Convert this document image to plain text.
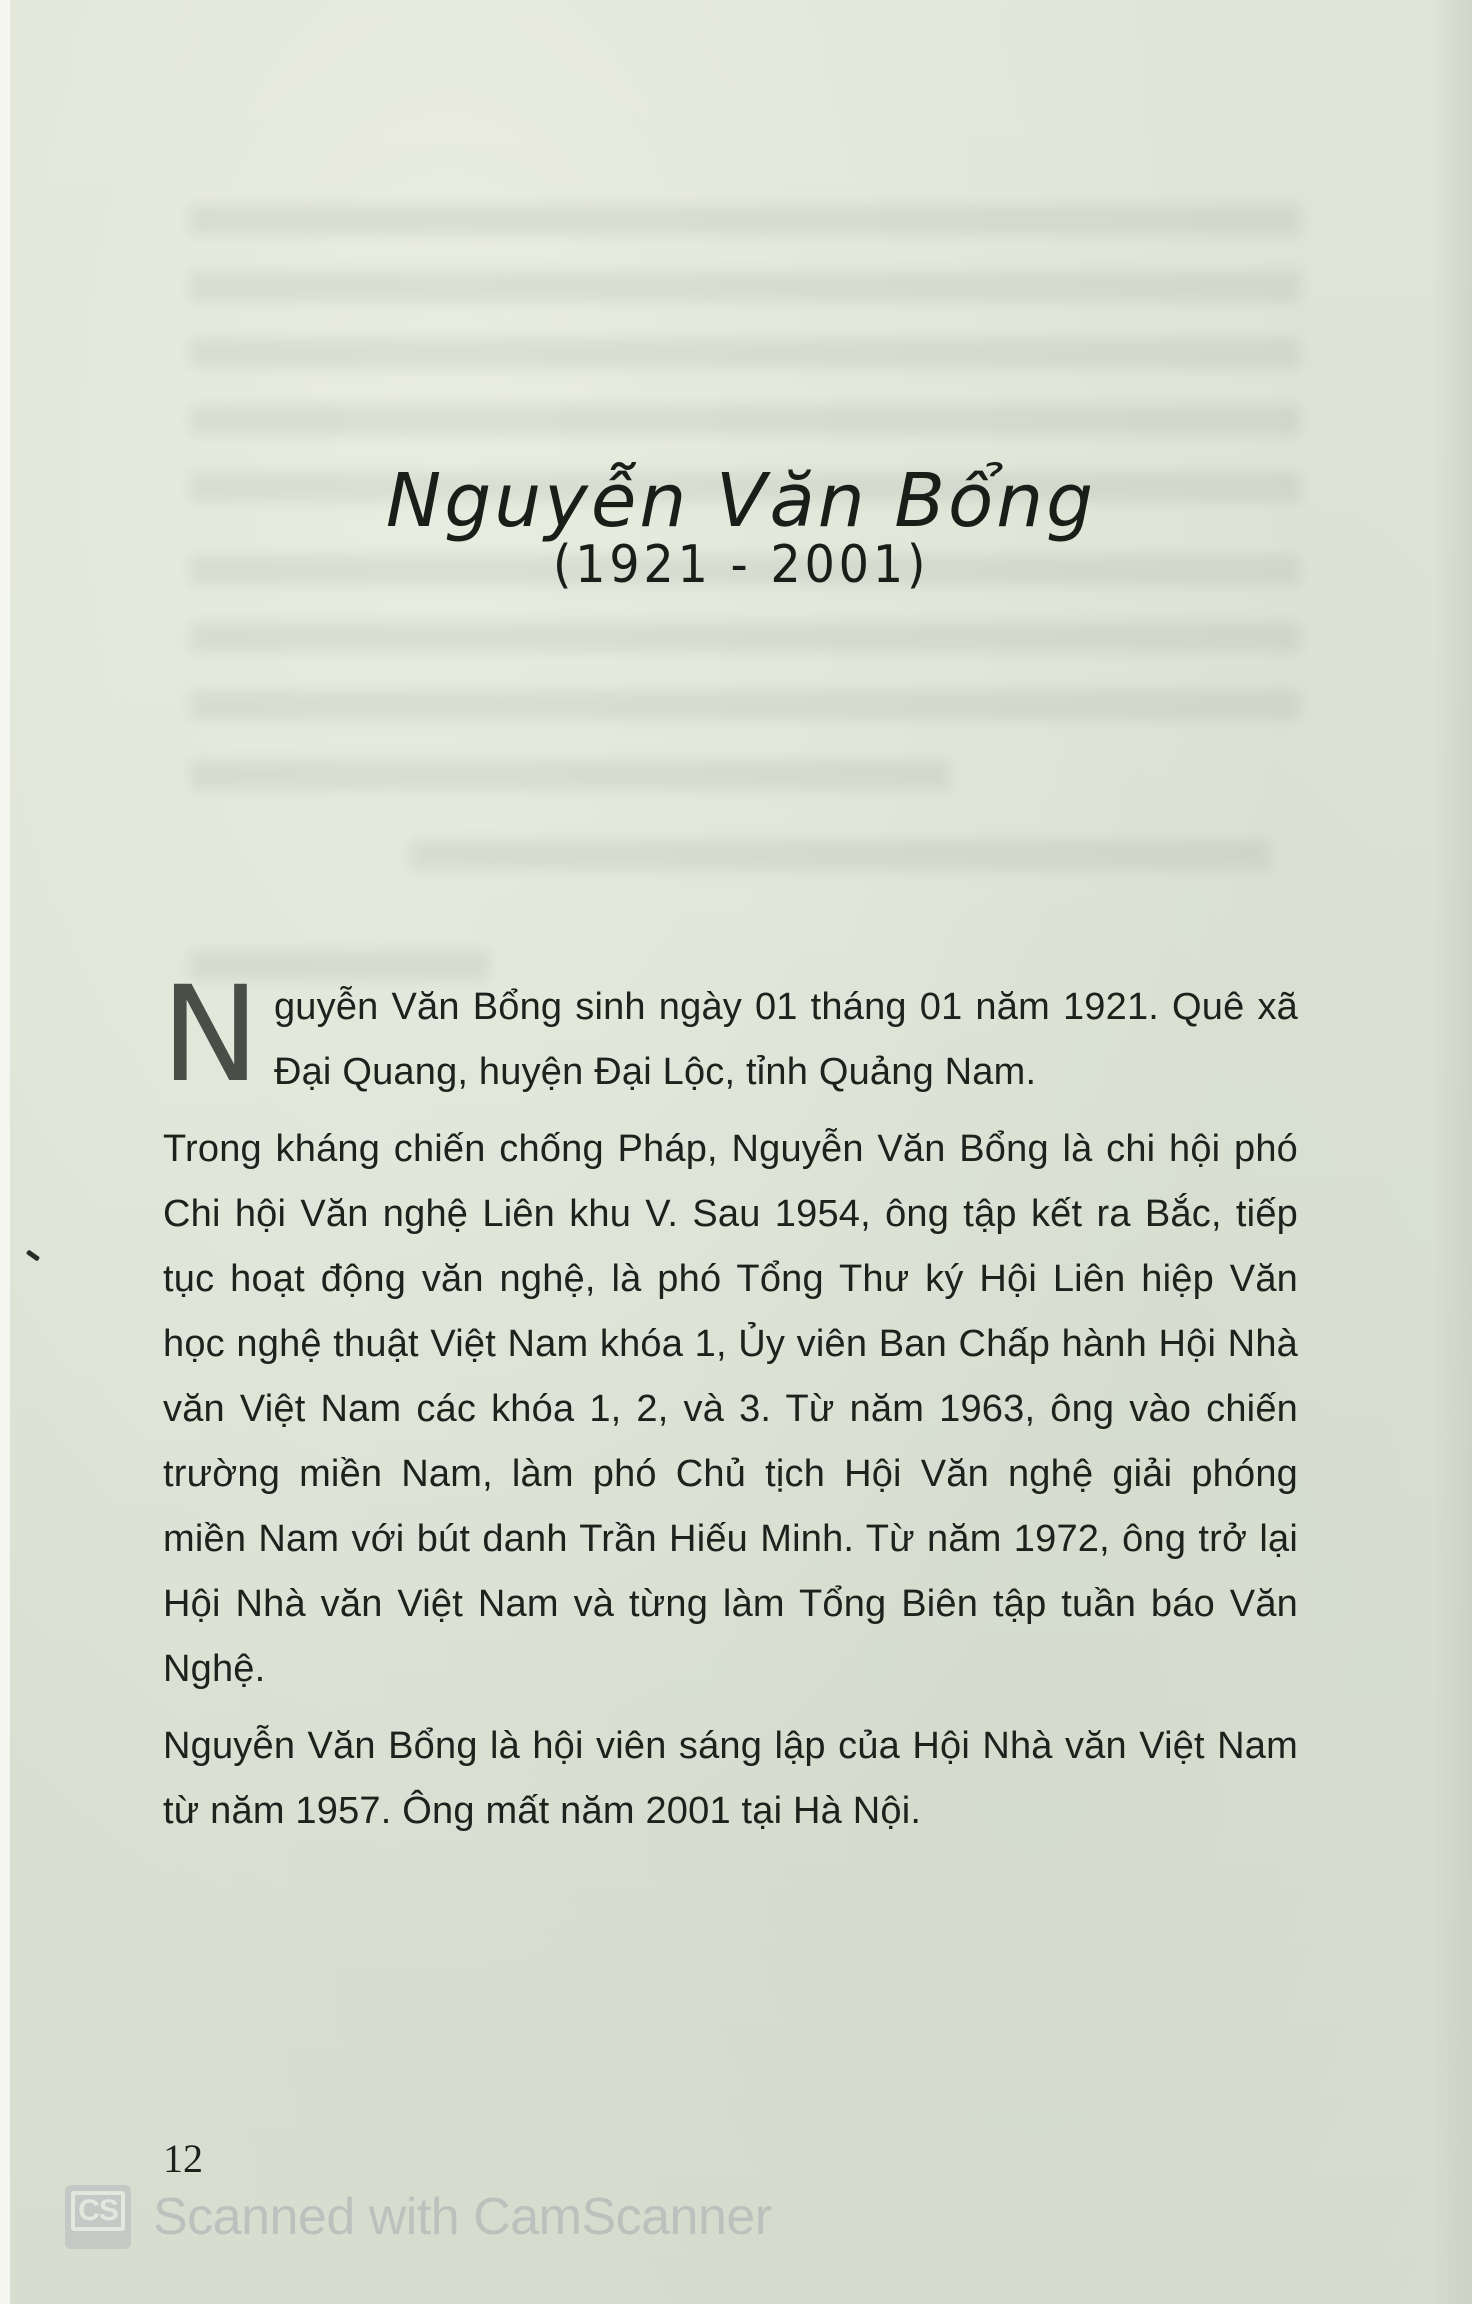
Nguyễn Văn Bổng
(1921 - 2001)

Nguyễn Văn Bổng sinh ngày 01 tháng 01 năm 1921. Quê xã Đại Quang, huyện Đại Lộc, tỉnh Quảng Nam.

Trong kháng chiến chống Pháp, Nguyễn Văn Bổng là chi hội phó Chi hội Văn nghệ Liên khu V. Sau 1954, ông tập kết ra Bắc, tiếp tục hoạt động văn nghệ, là phó Tổng Thư ký Hội Liên hiệp Văn học nghệ thuật Việt Nam khóa 1, Ủy viên Ban Chấp hành Hội Nhà văn Việt Nam các khóa 1, 2, và 3. Từ năm 1963, ông vào chiến trường miền Nam, làm phó Chủ tịch Hội Văn nghệ giải phóng miền Nam với bút danh Trần Hiếu Minh. Từ năm 1972, ông trở lại Hội Nhà văn Việt Nam và từng làm Tổng Biên tập tuần báo Văn Nghệ.

Nguyễn Văn Bổng là hội viên sáng lập của Hội Nhà văn Việt Nam từ năm 1957. Ông mất năm 2001 tại Hà Nội.

12
CS Scanned with CamScanner
